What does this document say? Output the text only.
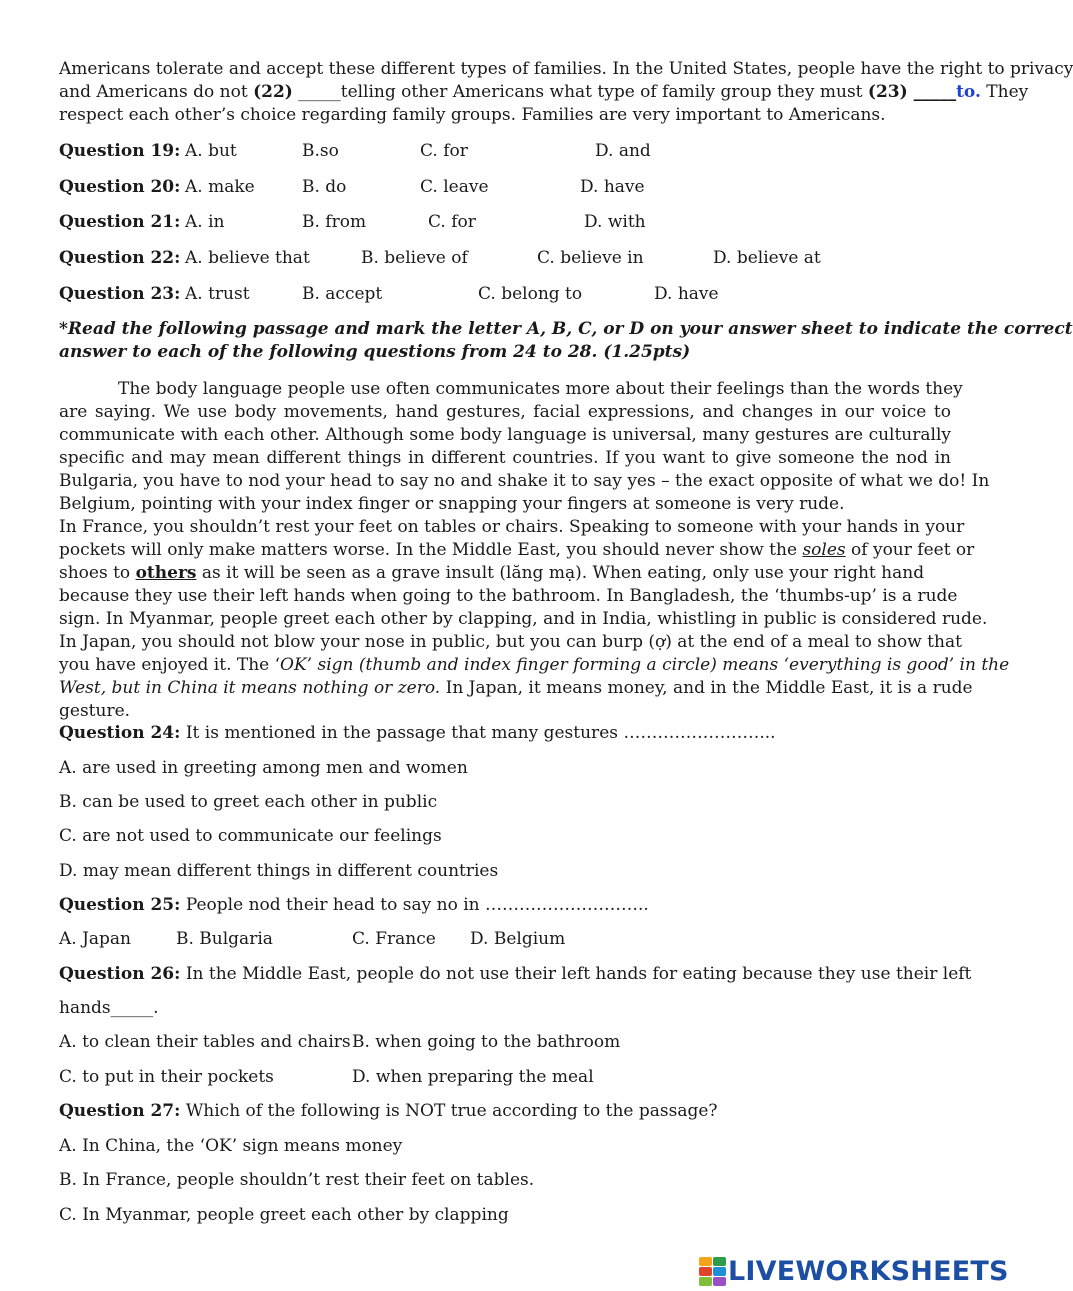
Americans tolerate and accept these different types of families. In the United States, people have the right to privacy
and Americans do not (22) _____telling other Americans what type of family group they must (23) _____to. They
respect each other’s choice regarding family groups. Families are very important to Americans.
Question 19: A. but	B.so	C. for	D. and
Question 20: A. make	B. do	C. leave	D. have
Question 21: A. in	B. from	C. for	D. with
Question 22: A. believe that	B. believe of	C. believe in	D. believe at
Question 23: A. trust	B. accept	C. belong to	D. have
*Read the following passage and mark the letter A, B, C, or D on your answer sheet to indicate the correct
answer to each of the following questions from 24 to 28. (1.25pts)
The body language people use often communicates more about their feelings than the words they
are saying. We use body movements, hand gestures, facial expressions, and changes in our voice to
communicate with each other. Although some body language is universal, many gestures are culturally
specific and may mean different things in different countries. If you want to give someone the nod in
Bulgaria, you have to nod your head to say no and shake it to say yes – the exact opposite of what we do! In
Belgium, pointing with your index finger or snapping your fingers at someone is very rude.
In France, you shouldn’t rest your feet on tables or chairs. Speaking to someone with your hands in your
pockets will only make matters worse. In the Middle East, you should never show the soles of your feet or
shoes to others as it will be seen as a grave insult (lăng mạ). When eating, only use your right hand
because they use their left hands when going to the bathroom. In Bangladesh, the ‘thumbs-up’ is a rude
sign. In Myanmar, people greet each other by clapping, and in India, whistling in public is considered rude.
In Japan, you should not blow your nose in public, but you can burp (ợ) at the end of a meal to show that
you have enjoyed it. The ‘OK’ sign (thumb and index finger forming a circle) means ‘everything is good’ in the
West, but in China it means nothing or zero. In Japan, it means money, and in the Middle East, it is a rude
gesture.
Question 24: It is mentioned in the passage that many gestures ……………………...
A. are used in greeting among men and women
B. can be used to greet each other in public
C. are not used to communicate our feelings
D. may mean different things in different countries
Question 25: People nod their head to say no in ………………………..
A. Japan	B. Bulgaria	C. France D. Belgium
Question 26: In the Middle East, people do not use their left hands for eating because they use their left
hands_____.
A. to clean their tables and chairs B. when going to the bathroom
C. to put in their pockets	D. when preparing the meal
Question 27: Which of the following is NOT true according to the passage?
A. In China, the ‘OK’ sign means money
B. In France, people shouldn’t rest their feet on tables.
C. In Myanmar, people greet each other by clapping
LIVEWORKSHEETS
